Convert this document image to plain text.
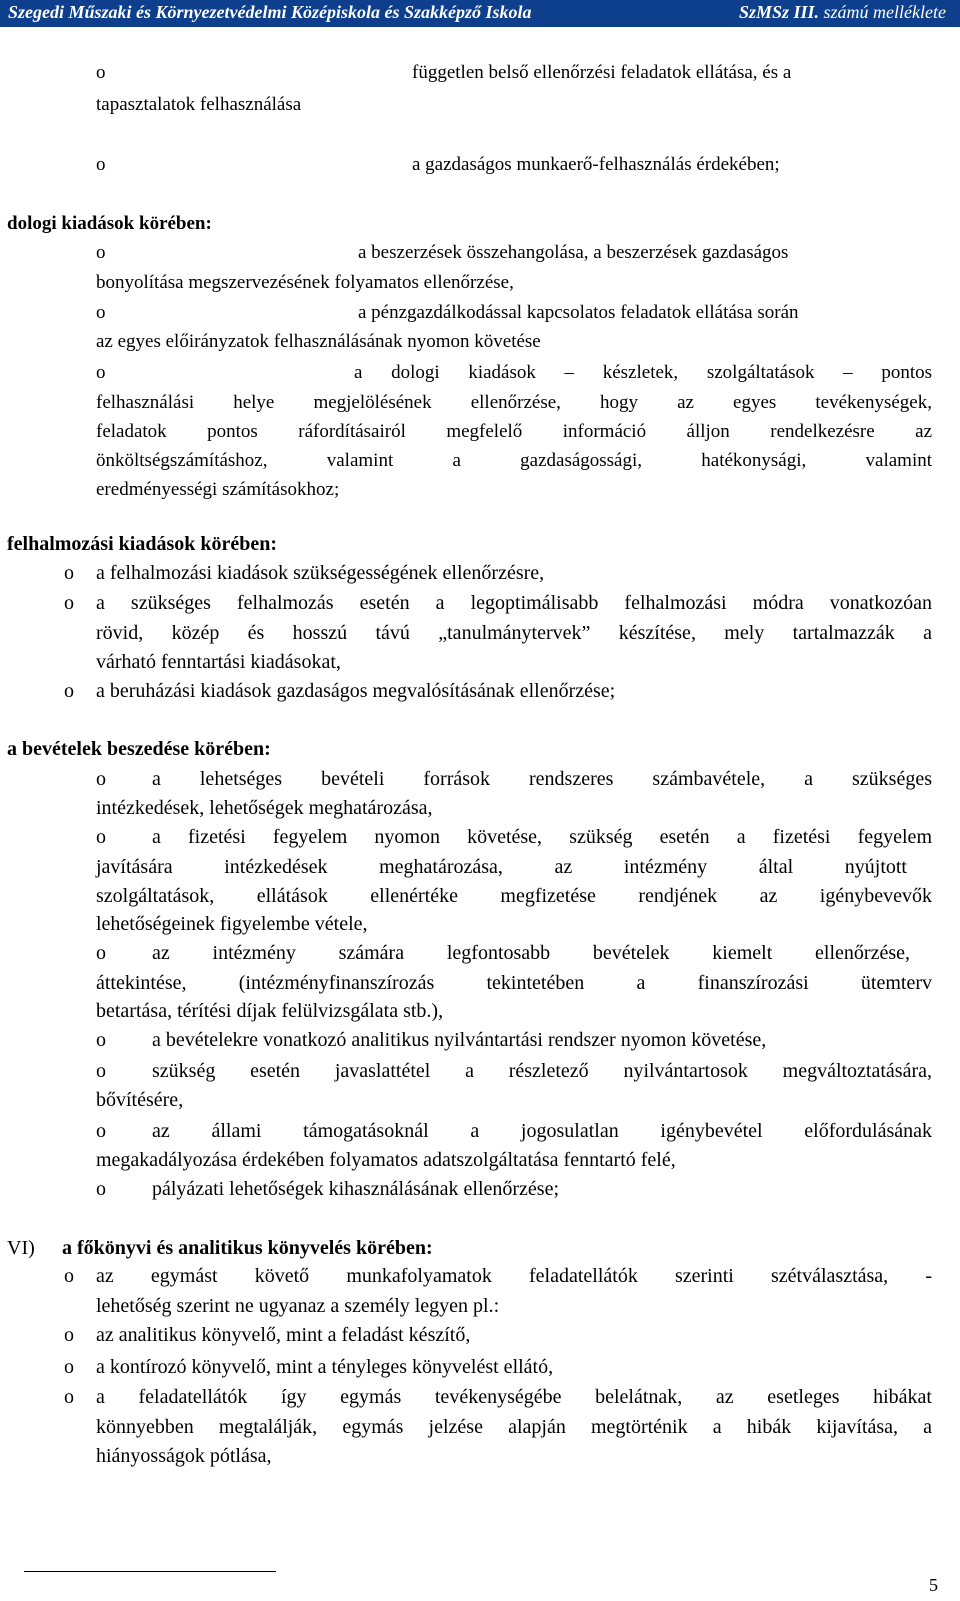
Szegedi Műszaki és Környezetvédelmi Középiskola és Szakképző Iskola	SzMSz III. számú melléklete
o	független belső ellenőrzési feladatok ellátása, és a
tapasztalatok felhasználása
o	a gazdaságos munkaerő-felhasználás érdekében;
dologi kiadások körében:
o	a beszerzések összehangolása, a beszerzések gazdaságos
bonyolítása megszervezésének folyamatos ellenőrzése,
o	a pénzgazdálkodással kapcsolatos feladatok ellátása során
az egyes előirányzatok felhasználásának nyomon követése
o	a dologi kiadások – készletek, szolgáltatások – pontos
felhasználási helye megjelölésének ellenőrzése, hogy az egyes tevékenységek,
feladatok pontos ráfordításairól megfelelő információ álljon rendelkezésre az
önköltségszámításhoz, valamint a gazdaságossági, hatékonysági, valamint
eredményességi számításokhoz;
felhalmozási kiadások körében:
o a felhalmozási kiadások szükségességének ellenőrzésre,
o a szükséges felhalmozás esetén a legoptimálisabb felhalmozási módra vonatkozóan
rövid, közép és hosszú távú „tanulmánytervek” készítése, mely tartalmazzák a
várható fenntartási kiadásokat,
o a beruházási kiadások gazdaságos megvalósításának ellenőrzése;
a bevételek beszedése körében:
o a lehetséges bevételi források rendszeres számbavétele, a szükséges
intézkedések, lehetőségek meghatározása,
o a fizetési fegyelem nyomon követése, szükség esetén a fizetési fegyelem
javítására intézkedések meghatározása, az intézmény által nyújtott
szolgáltatások, ellátások ellenértéke megfizetése rendjének az igénybevevők
lehetőségeinek figyelembe vétele,
o az intézmény számára legfontosabb bevételek kiemelt ellenőrzése,
áttekintése, (intézményfinanszírozás tekintetében a finanszírozási ütemterv
betartása, térítési díjak felülvizsgálata stb.),
o a bevételekre vonatkozó analitikus nyilvántartási rendszer nyomon követése,
o szükség esetén javaslattétel a részletező nyilvántartosok megváltoztatására,
bővítésére,
o az állami támogatásoknál a jogosulatlan igénybevétel előfordulásának
megakadályozása érdekében folyamatos adatszolgáltatása fenntartó felé,
o pályázati lehetőségek kihasználásának ellenőrzése;
VI) a főkönyvi és analitikus könyvelés körében:
o az egymást követő munkafolyamatok feladatellátók szerinti szétválasztása, -
lehetőség szerint ne ugyanaz a személy legyen pl.:
o az analitikus könyvelő, mint a feladást készítő,
o a kontírozó könyvelő, mint a tényleges könyvelést ellátó,
o a feladatellátók így egymás tevékenységébe belelátnak, az esetleges hibákat
könnyebben megtalálják, egymás jelzése alapján megtörténik a hibák kijavítása, a
hiányosságok pótlása,
5
